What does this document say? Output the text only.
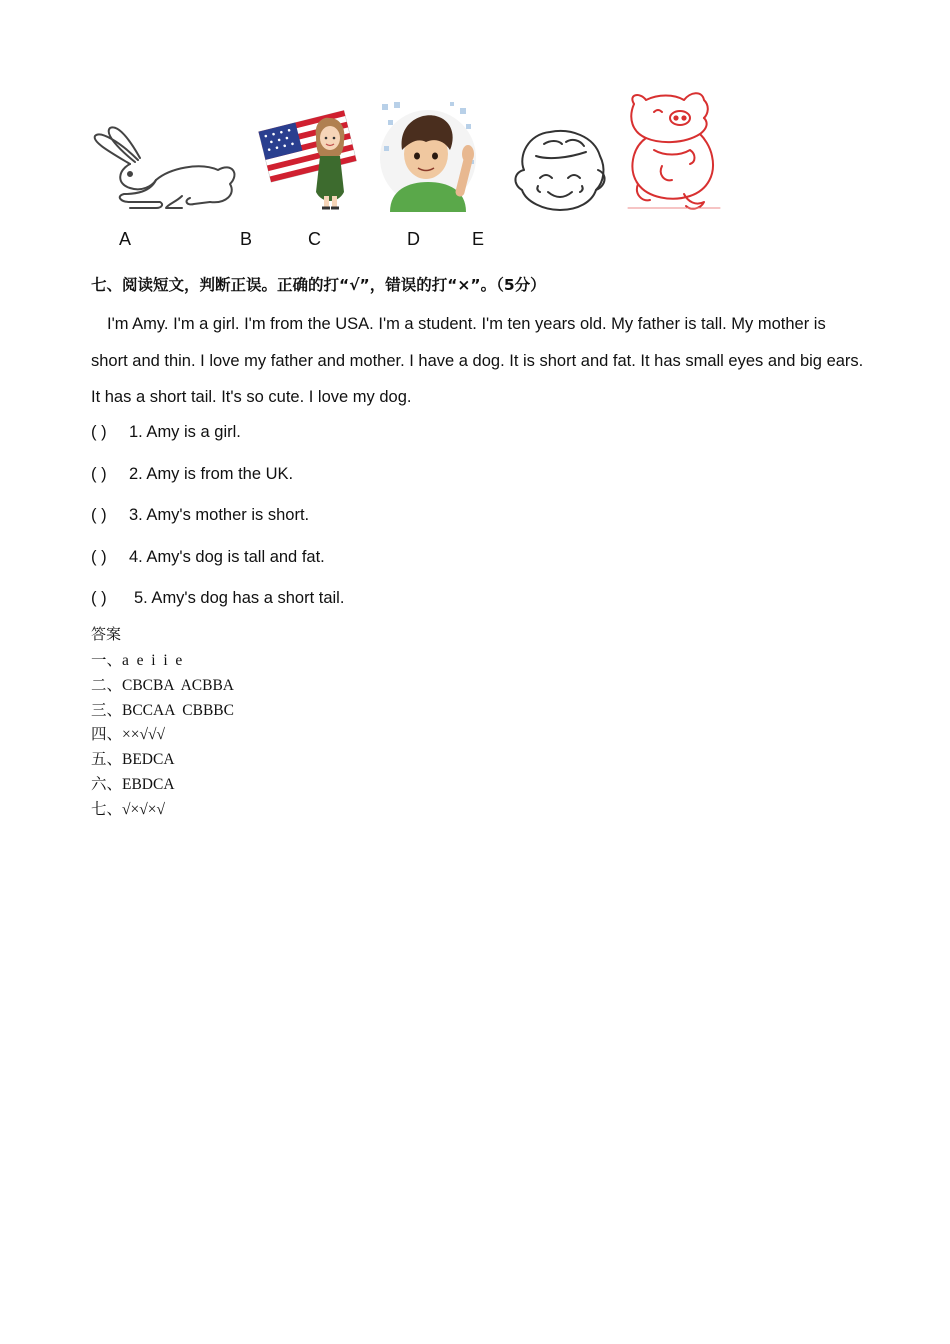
A	B	C	D	E
七、阅读短文，判断正误。正确的打“√”，错误的打“×”。（5分）
I'm Amy. I'm a girl. I'm from the USA. I'm a student. I'm ten years old. My father is tall. My mother is short and thin. I love my father and mother. I have a dog. It is short and fat. It has small eyes and big ears. It has a short tail. It's so cute. I love my dog.
( ) 1. Amy is a girl.
( ) 2. Amy is from the UK.
( ) 3. Amy's mother is short.
( ) 4. Amy's dog is tall and fat.
( ) 5. Amy's dog has a short tail.
答案
一、a  e  i  i  e
二、CBCBA  ACBBA
三、BCCAA  CBBBC
四、××√√√
五、BEDCA
六、EBDCA
七、√×√×√
